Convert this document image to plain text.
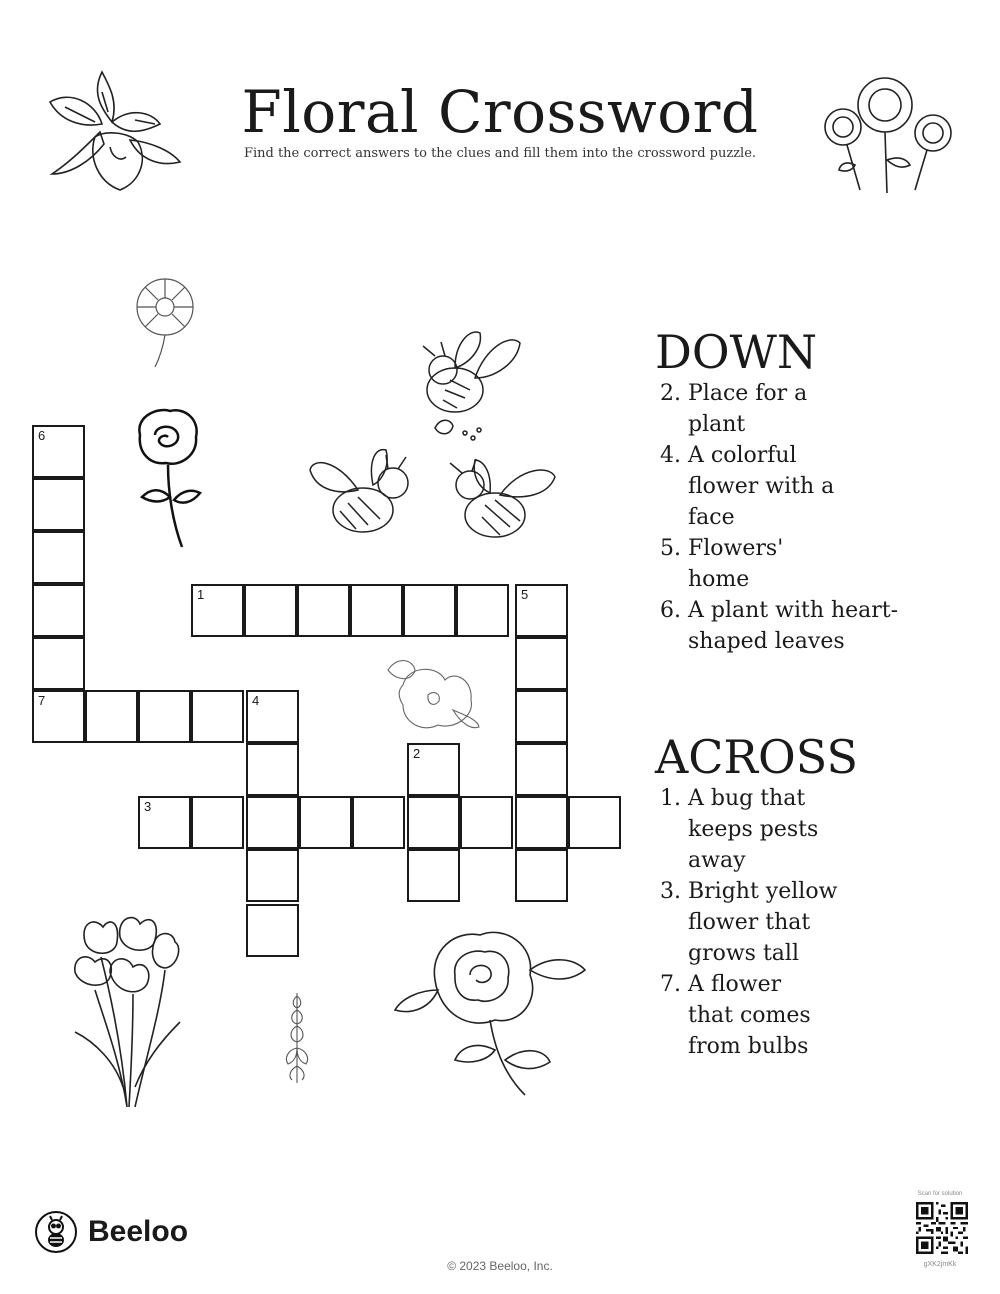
Floral Crossword
Find the correct answers to the clues and fill them into the crossword puzzle.
6
1	5
7	4
2
3
DOWN
2. Place for a plant
4. A colorful flower with a face
5. Flowers' home
6. A plant with heart-shaped leaves
ACROSS
1. A bug that keeps pests away
3. Bright yellow flower that grows tall
7. A flower that comes from bulbs
Beeloo
© 2023 Beeloo, Inc.
Scan for solution
gXK2jmKk
